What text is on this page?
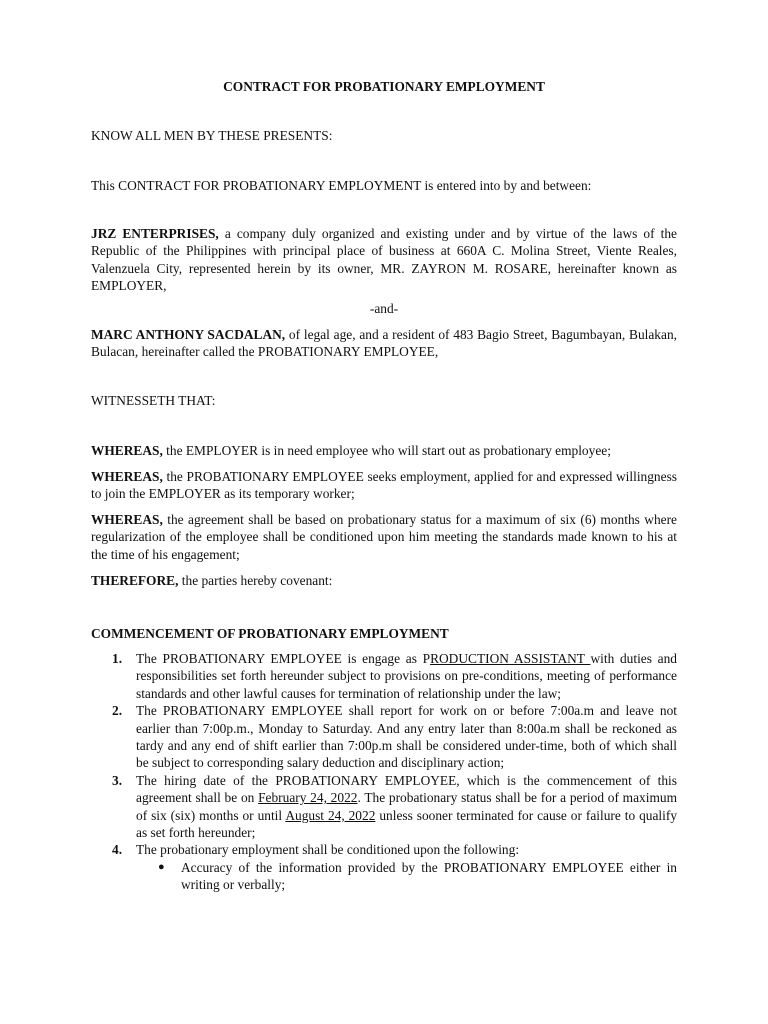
CONTRACT FOR PROBATIONARY EMPLOYMENT

KNOW ALL MEN BY THESE PRESENTS:

This CONTRACT FOR PROBATIONARY EMPLOYMENT is entered into by and between:

JRZ ENTERPRISES, a company duly organized and existing under and by virtue of the laws of the Republic of the Philippines with principal place of business at 660A C. Molina Street, Viente Reales, Valenzuela City, represented herein by its owner, MR. ZAYRON M. ROSARE, hereinafter known as EMPLOYER,

-and-

MARC ANTHONY SACDALAN, of legal age, and a resident of 483 Bagio Street, Bagumbayan, Bulakan, Bulacan, hereinafter called the PROBATIONARY EMPLOYEE,

WITNESSETH THAT:

WHEREAS, the EMPLOYER is in need employee who will start out as probationary employee;

WHEREAS, the PROBATIONARY EMPLOYEE seeks employment, applied for and expressed willingness to join the EMPLOYER as its temporary worker;

WHEREAS, the agreement shall be based on probationary status for a maximum of six (6) months where regularization of the employee shall be conditioned upon him meeting the standards made known to his at the time of his engagement;

THEREFORE, the parties hereby covenant:

COMMENCEMENT OF PROBATIONARY EMPLOYMENT

1. The PROBATIONARY EMPLOYEE is engage as PRODUCTION ASSISTANT with duties and responsibilities set forth hereunder subject to provisions on pre-conditions, meeting of performance standards and other lawful causes for termination of relationship under the law;
2. The PROBATIONARY EMPLOYEE shall report for work on or before 7:00a.m and leave not earlier than 7:00p.m., Monday to Saturday. And any entry later than 8:00a.m shall be reckoned as tardy and any end of shift earlier than 7:00p.m shall be considered under-time, both of which shall be subject to corresponding salary deduction and disciplinary action;
3. The hiring date of the PROBATIONARY EMPLOYEE, which is the commencement of this agreement shall be on February 24, 2022. The probationary status shall be for a period of maximum of six (six) months or until August 24, 2022 unless sooner terminated for cause or failure to qualify as set forth hereunder;
4. The probationary employment shall be conditioned upon the following:
● Accuracy of the information provided by the PROBATIONARY EMPLOYEE either in writing or verbally;
